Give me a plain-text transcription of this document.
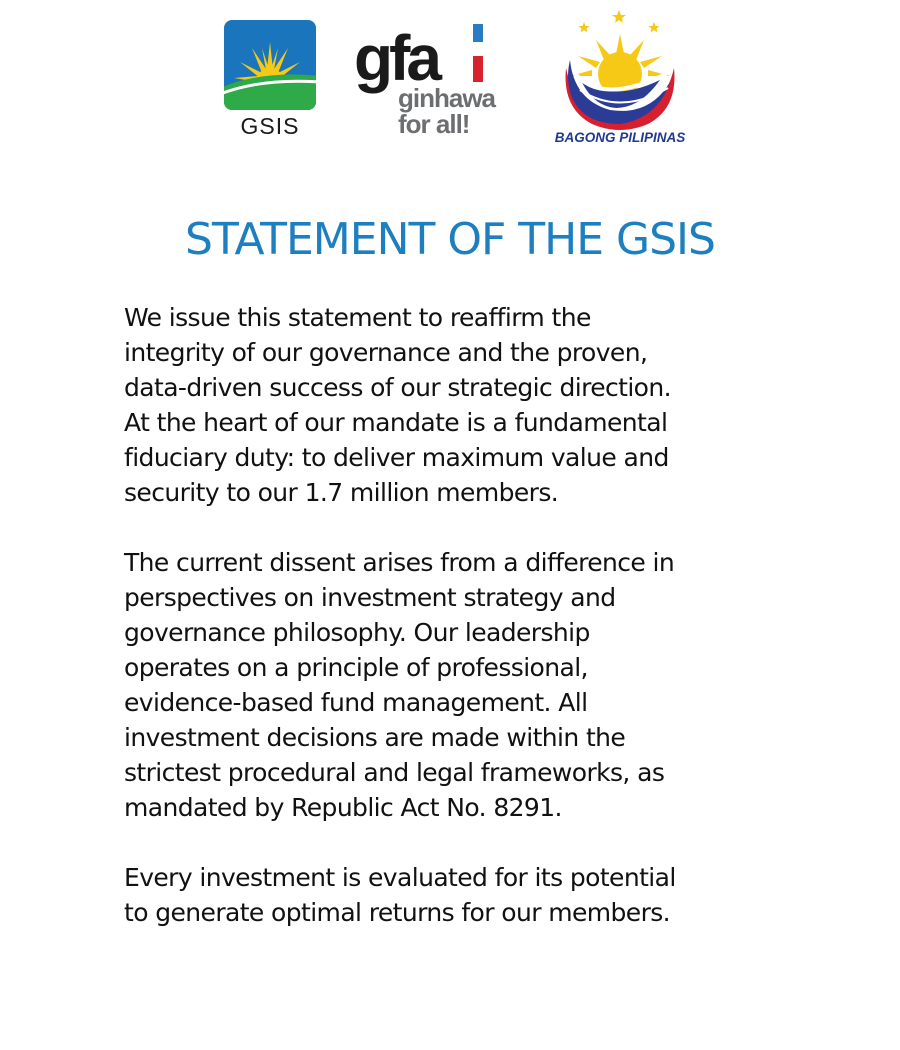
GSIS
gfa
ginhawa
for all!	BAGONG PILIPINAS
STATEMENT OF THE GSIS

We issue this statement to reaffirm the
integrity of our governance and the proven,
data-driven success of our strategic direction.
At the heart of our mandate is a fundamental
fiduciary duty: to deliver maximum value and
security to our 1.7 million members.

The current dissent arises from a difference in
perspectives on investment strategy and
governance philosophy. Our leadership
operates on a principle of professional,
evidence-based fund management. All
investment decisions are made within the
strictest procedural and legal frameworks, as
mandated by Republic Act No. 8291.

Every investment is evaluated for its potential
to generate optimal returns for our members.
